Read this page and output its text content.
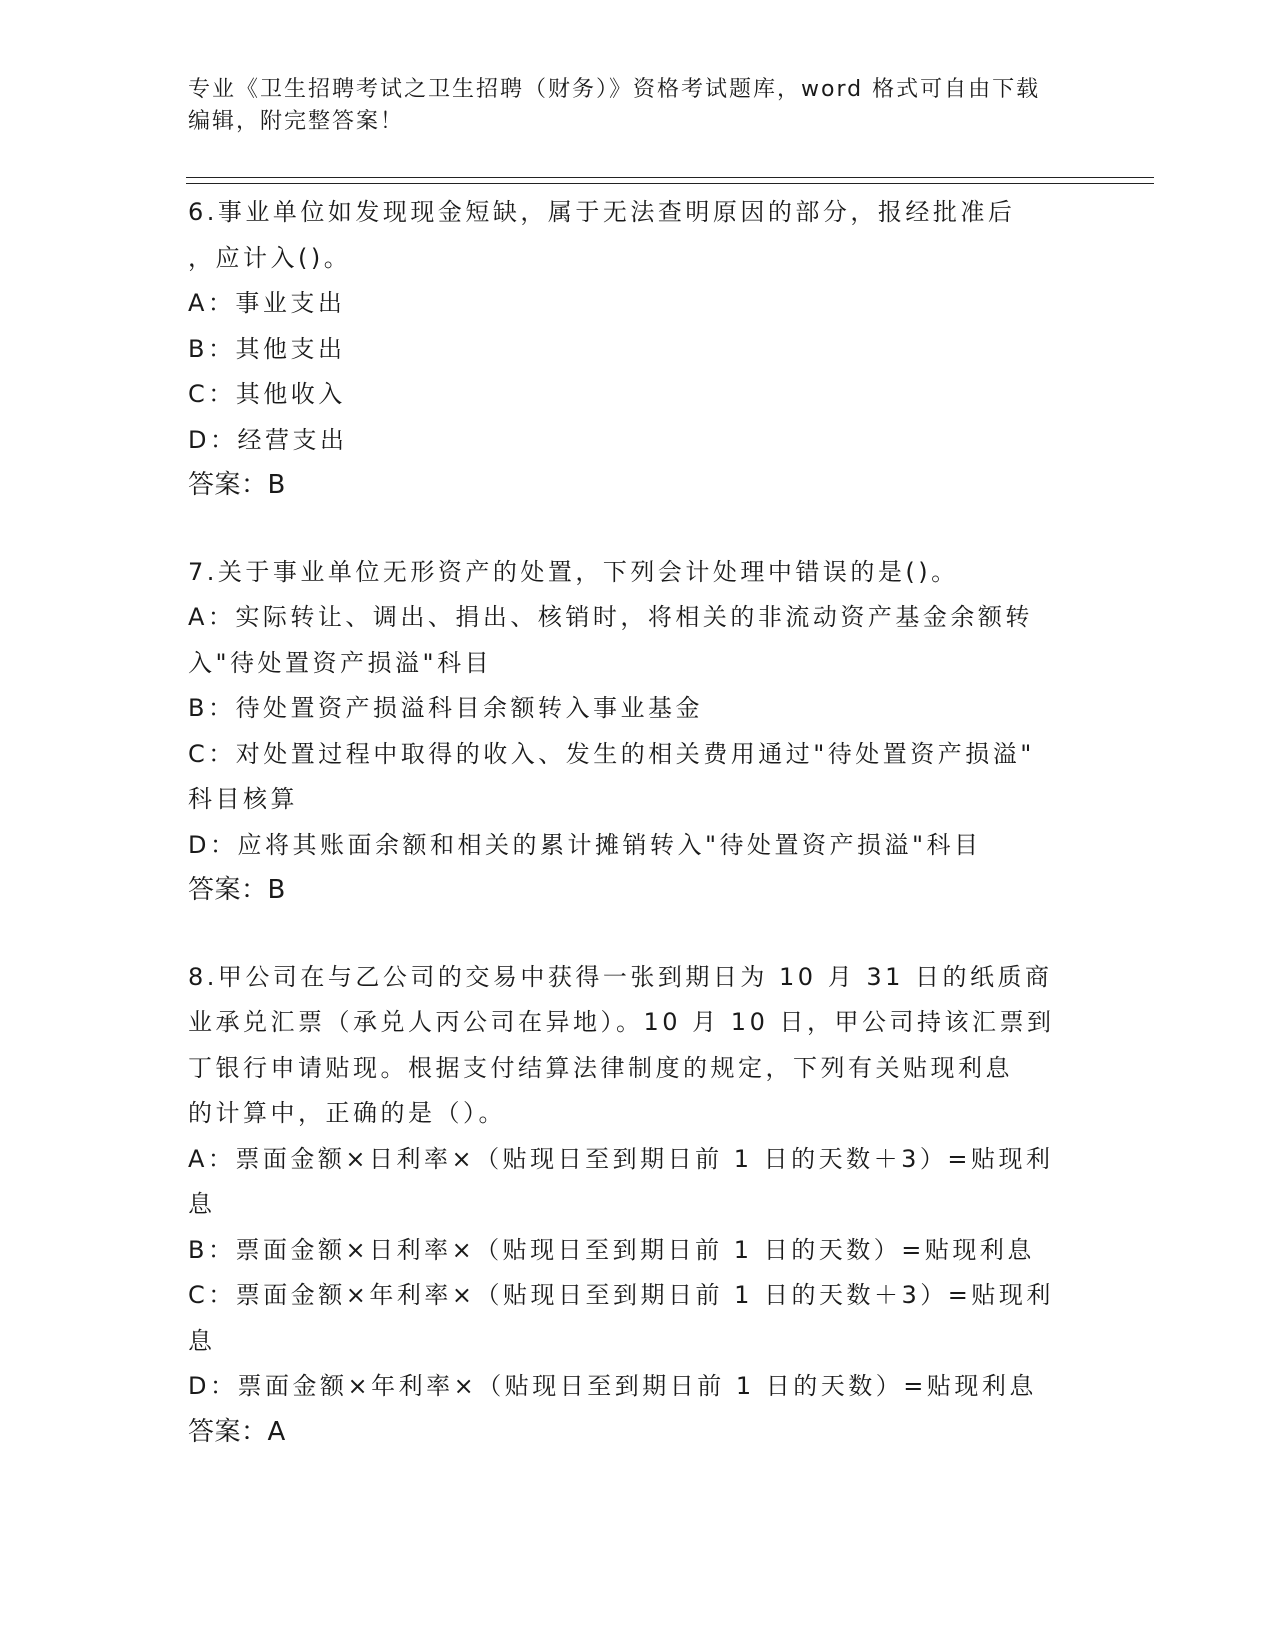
专业《卫生招聘考试之卫生招聘（财务）》资格考试题库，word 格式可自由下载
编辑，附完整答案！
6.事业单位如发现现金短缺，属于无法查明原因的部分，报经批准后
，应计入()。
A：事业支出
B：其他支出
C：其他收入
D：经营支出
答案：B
7.关于事业单位无形资产的处置，下列会计处理中错误的是()。
A：实际转让、调出、捐出、核销时，将相关的非流动资产基金余额转
入"待处置资产损溢"科目
B：待处置资产损溢科目余额转入事业基金
C：对处置过程中取得的收入、发生的相关费用通过"待处置资产损溢"
科目核算
D：应将其账面余额和相关的累计摊销转入"待处置资产损溢"科目
答案：B
8.甲公司在与乙公司的交易中获得一张到期日为 10 月 31 日的纸质商
业承兑汇票（承兑人丙公司在异地）。10 月 10 日，甲公司持该汇票到
丁银行申请贴现。根据支付结算法律制度的规定，下列有关贴现利息
的计算中，正确的是（）。
A：票面金额×日利率×（贴现日至到期日前 1 日的天数＋3）=贴现利
息
B：票面金额×日利率×（贴现日至到期日前 1 日的天数）=贴现利息
C：票面金额×年利率×（贴现日至到期日前 1 日的天数＋3）=贴现利
息
D：票面金额×年利率×（贴现日至到期日前 1 日的天数）=贴现利息
答案：A
